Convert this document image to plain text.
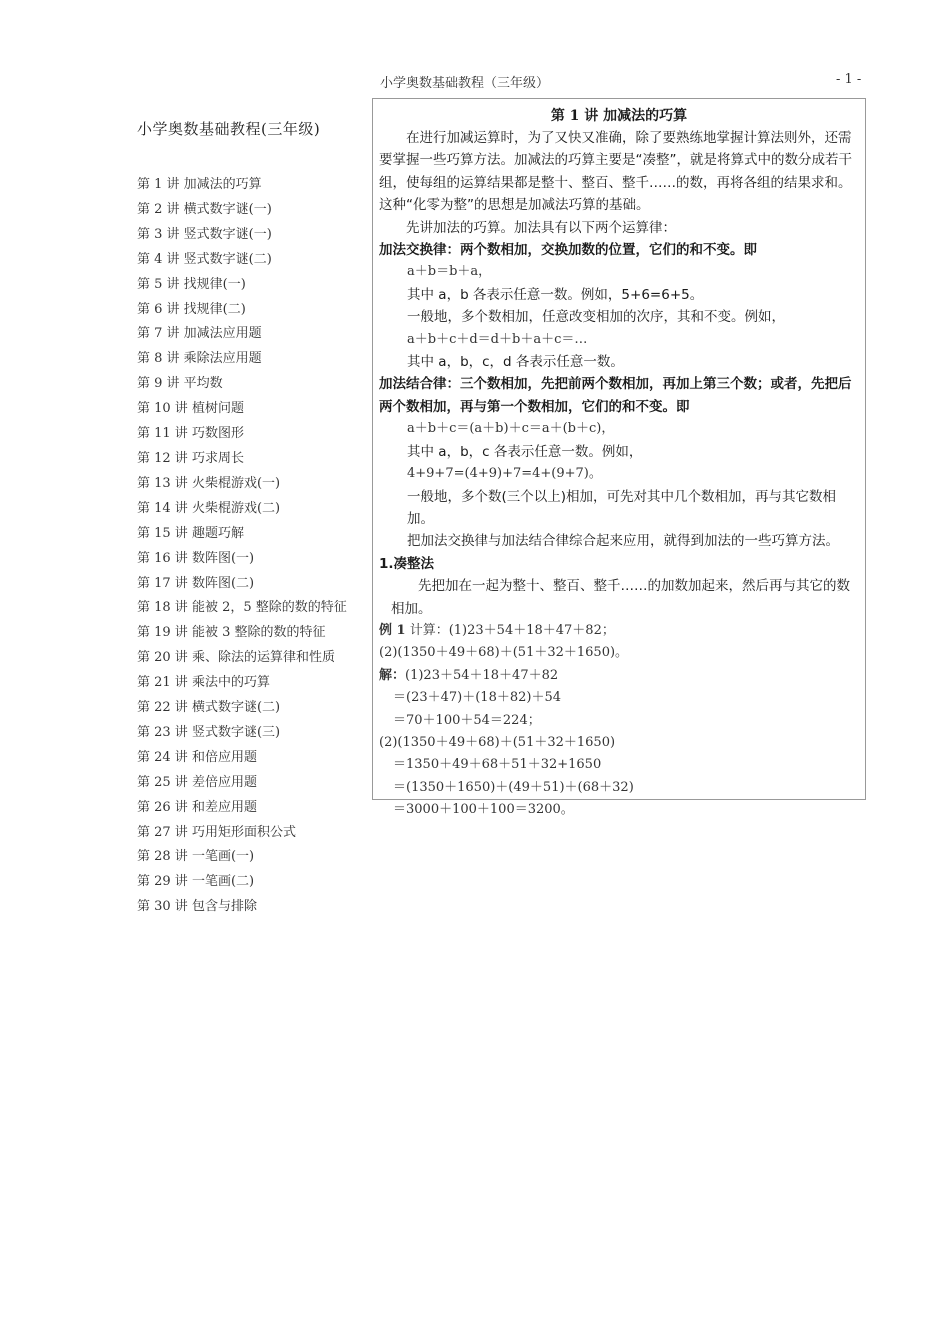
小学奥数基础教程（三年级）	- 1 -
小学奥数基础教程(三年级)
第 1 讲 加减法的巧算
第 2 讲 横式数字谜(一)
第 3 讲 竖式数字谜(一)
第 4 讲 竖式数字谜(二)
第 5 讲 找规律(一)
第 6 讲 找规律(二)
第 7 讲 加减法应用题
第 8 讲 乘除法应用题
第 9 讲 平均数
第 10 讲 植树问题
第 11 讲 巧数图形
第 12 讲 巧求周长
第 13 讲 火柴棍游戏(一)
第 14 讲 火柴棍游戏(二)
第 15 讲 趣题巧解
第 16 讲 数阵图(一)
第 17 讲 数阵图(二)
第 18 讲 能被 2，5 整除的数的特征
第 19 讲 能被 3 整除的数的特征
第 20 讲 乘、除法的运算律和性质
第 21 讲 乘法中的巧算
第 22 讲 横式数字谜(二)
第 23 讲 竖式数字谜(三)
第 24 讲 和倍应用题
第 25 讲 差倍应用题
第 26 讲 和差应用题
第 27 讲 巧用矩形面积公式
第 28 讲 一笔画(一)
第 29 讲 一笔画(二)
第 30 讲 包含与排除
第 1 讲 加减法的巧算

在进行加减运算时，为了又快又准确，除了要熟练地掌握计算法则外，还需要掌握一些巧算方法。加减法的巧算主要是“凑整”，就是将算式中的数分成若干组，使每组的运算结果都是整十、整百、整千……的数，再将各组的结果求和。这种“化零为整”的思想是加减法巧算的基础。

先讲加法的巧算。加法具有以下两个运算律：

加法交换律：两个数相加，交换加数的位置，它们的和不变。即

a＋b＝b＋a，

其中 a，b 各表示任意一数。例如，5+6=6+5。

一般地，多个数相加，任意改变相加的次序，其和不变。例如，

a＋b＋c＋d＝d＋b＋a＋c＝…

其中 a，b，c，d 各表示任意一数。

加法结合律：三个数相加，先把前两个数相加，再加上第三个数；或者，先把后两个数相加，再与第一个数相加，它们的和不变。即

a＋b＋c＝(a＋b)＋c＝a＋(b＋c)，

其中 a，b，c 各表示任意一数。例如，

4+9+7=(4+9)+7=4+(9+7)。

一般地，多个数(三个以上)相加，可先对其中几个数相加，再与其它数相加。

把加法交换律与加法结合律综合起来应用，就得到加法的一些巧算方法。

1.凑整法

先把加在一起为整十、整百、整千……的加数加起来，然后再与其它的数相加。

例 1 计算：(1)23＋54＋18＋47＋82；

(2)(1350＋49＋68)＋(51＋32＋1650)。

解：(1)23＋54＋18＋47＋82

＝(23＋47)＋(18＋82)＋54

＝70＋100＋54＝224；

(2)(1350＋49＋68)＋(51＋32＋1650)

＝1350＋49＋68＋51＋32+1650

＝(1350＋1650)＋(49＋51)＋(68＋32)

＝3000＋100＋100＝3200。
